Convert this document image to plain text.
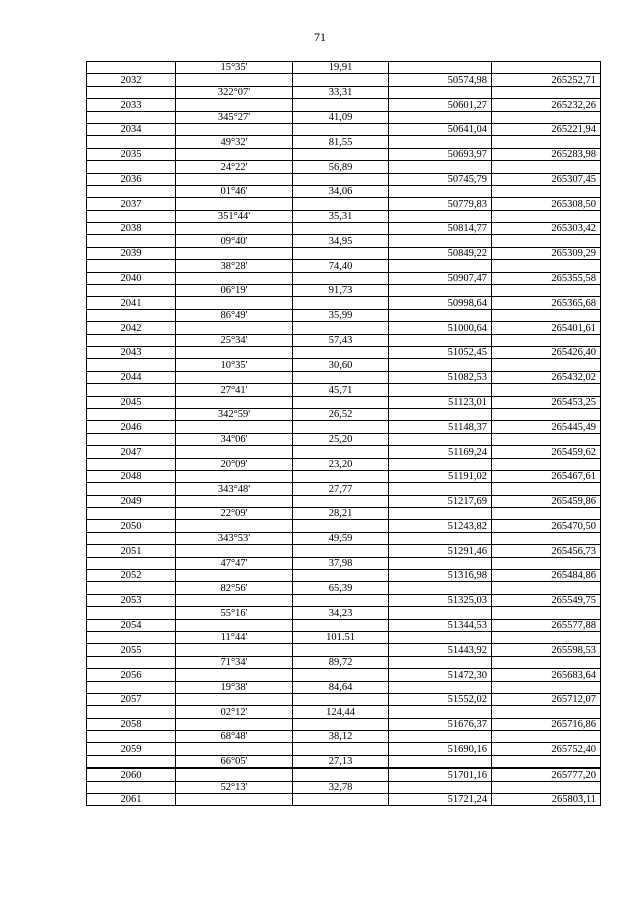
71
	15°35'	19,91		
2032			50574,98	265252,71
	322°07'	33,31		
2033			50601,27	265232,26
	345°27'	41,09		
2034			50641,04	265221,94
	49°32'	81,55		
2035			50693,97	265283,98
	24°22'	56,89		
2036			50745,79	265307,45
	01°46'	34,06		
2037			50779,83	265308,50
	351°44'	35,31		
2038			50814,77	265303,42
	09°40'	34,95		
2039			50849,22	265309,29
	38°28'	74,40		
2040			50907,47	265355,58
	06°19'	91,73		
2041			50998,64	265365,68
	86°49'	35,99		
2042			51000,64	265401,61
	25°34'	57,43		
2043			51052,45	265426,40
	10°35'	30,60		
2044			51082,53	265432,02
	27°41'	45,71		
2045			51123,01	265453,25
	342°59'	26,52		
2046			51148,37	265445,49
	34°06'	25,20		
2047			51169,24	265459,62
	20°09'	23,20		
2048			51191,02	265467,61
	343°48'	27,77		
2049			51217,69	265459,86
	22°09'	28,21		
2050			51243,82	265470,50
	343°53'	49,59		
2051			51291,46	265456,73
	47°47'	37,98		
2052			51316,98	265484,86
	82°56'	65,39		
2053			51325,03	265549,75
	55°16'	34,23		
2054			51344,53	265577,88
	11°44'	101.51		
2055			51443,92	265598,53
	71°34'	89,72		
2056			51472,30	265683,64
	19°38'	84,64		
2057			51552,02	265712,07
	02°12'	124,44		
2058			51676,37	265716,86
	68°48'	38,12		
2059			51690,16	265752,40
	66°05'	27,13		
2060			51701,16	265777,20
	52°13'	32,78		
2061			51721,24	265803,11
